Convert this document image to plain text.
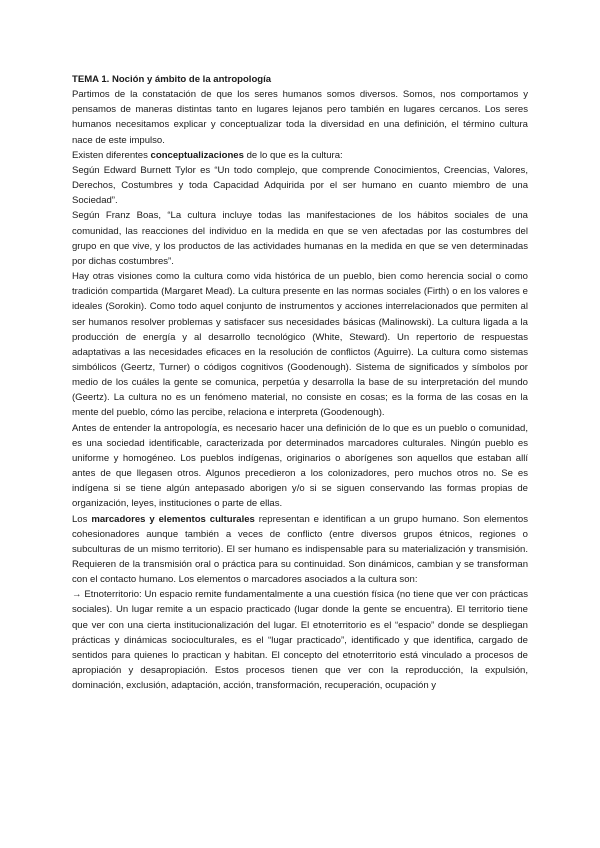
TEMA 1. Noción y ámbito de la antropología

Partimos de la constatación de que los seres humanos somos diversos. Somos, nos comportamos y pensamos de maneras distintas tanto en lugares lejanos pero también en lugares cercanos. Los seres humanos necesitamos explicar y conceptualizar toda la diversidad en una definición, el término cultura nace de este impulso.

Existen diferentes conceptualizaciones de lo que es la cultura:

Según Edward Burnett Tylor es “Un todo complejo, que comprende Conocimientos, Creencias, Valores, Derechos, Costumbres y toda Capacidad Adquirida por el ser humano en cuanto miembro de una Sociedad”.

Según Franz Boas, “La cultura incluye todas las manifestaciones de los hábitos sociales de una comunidad, las reacciones del individuo en la medida en que se ven afectadas por las costumbres del grupo en que vive, y los productos de las actividades humanas en la medida en que se ven determinadas por dichas costumbres”.

Hay otras visiones como la cultura como vida histórica de un pueblo, bien como herencia social o como tradición compartida (Margaret Mead). La cultura presente en las normas sociales (Firth) o en los valores e ideales (Sorokin). Como todo aquel conjunto de instrumentos y acciones interrelacionados que permiten al ser humanos resolver problemas y satisfacer sus necesidades básicas (Malinowski). La cultura ligada a la producción de energía y al desarrollo tecnológico (White, Steward). Un repertorio de respuestas adaptativas a las necesidades eficaces en la resolución de conflictos (Aguirre). La cultura como sistemas simbólicos (Geertz, Turner) o códigos cognitivos (Goodenough). Sistema de significados y símbolos por medio de los cuáles la gente se comunica, perpetúa y desarrolla la base de su interpretación del mundo (Geertz). La cultura no es un fenómeno material, no consiste en cosas; es la forma de las cosas en la mente del pueblo, cómo las percibe, relaciona e interpreta (Goodenough).

Antes de entender la antropología, es necesario hacer una definición de lo que es un pueblo o comunidad, es una sociedad identificable, caracterizada por determinados marcadores culturales. Ningún pueblo es uniforme y homogéneo. Los pueblos indígenas, originarios o aborígenes son aquellos que estaban allí antes de que llegasen otros. Algunos precedieron a los colonizadores, pero muchos otros no. Se es indígena si se tiene algún antepasado aborigen y/o si se siguen conservando las formas propias de organización, leyes, instituciones o parte de ellas.

Los marcadores y elementos culturales representan e identifican a un grupo humano. Son elementos cohesionadores aunque también a veces de conflicto (entre diversos grupos étnicos, regiones o subculturas de un mismo territorio). El ser humano es indispensable para su materialización y transmisión. Requieren de la transmisión oral o práctica para su continuidad. Son dinámicos, cambian y se transforman con el contacto humano. Los elementos o marcadores asociados a la cultura son:

→ Etnoterritorio: Un espacio remite fundamentalmente a una cuestión física (no tiene que ver con prácticas sociales). Un lugar remite a un espacio practicado (lugar donde la gente se encuentra). El territorio tiene que ver con una cierta institucionalización del lugar. El etnoterritorio es el “espacio” donde se despliegan prácticas y dinámicas socioculturales, es el “lugar practicado”, identificado y que identifica, cargado de sentidos para quienes lo practican y habitan. El concepto del etnoterritorio está vinculado a procesos de apropiación y desapropiación. Estos procesos tienen que ver con la reproducción, la expulsión, dominación, exclusión, adaptación, acción, transformación, recuperación, ocupación y
